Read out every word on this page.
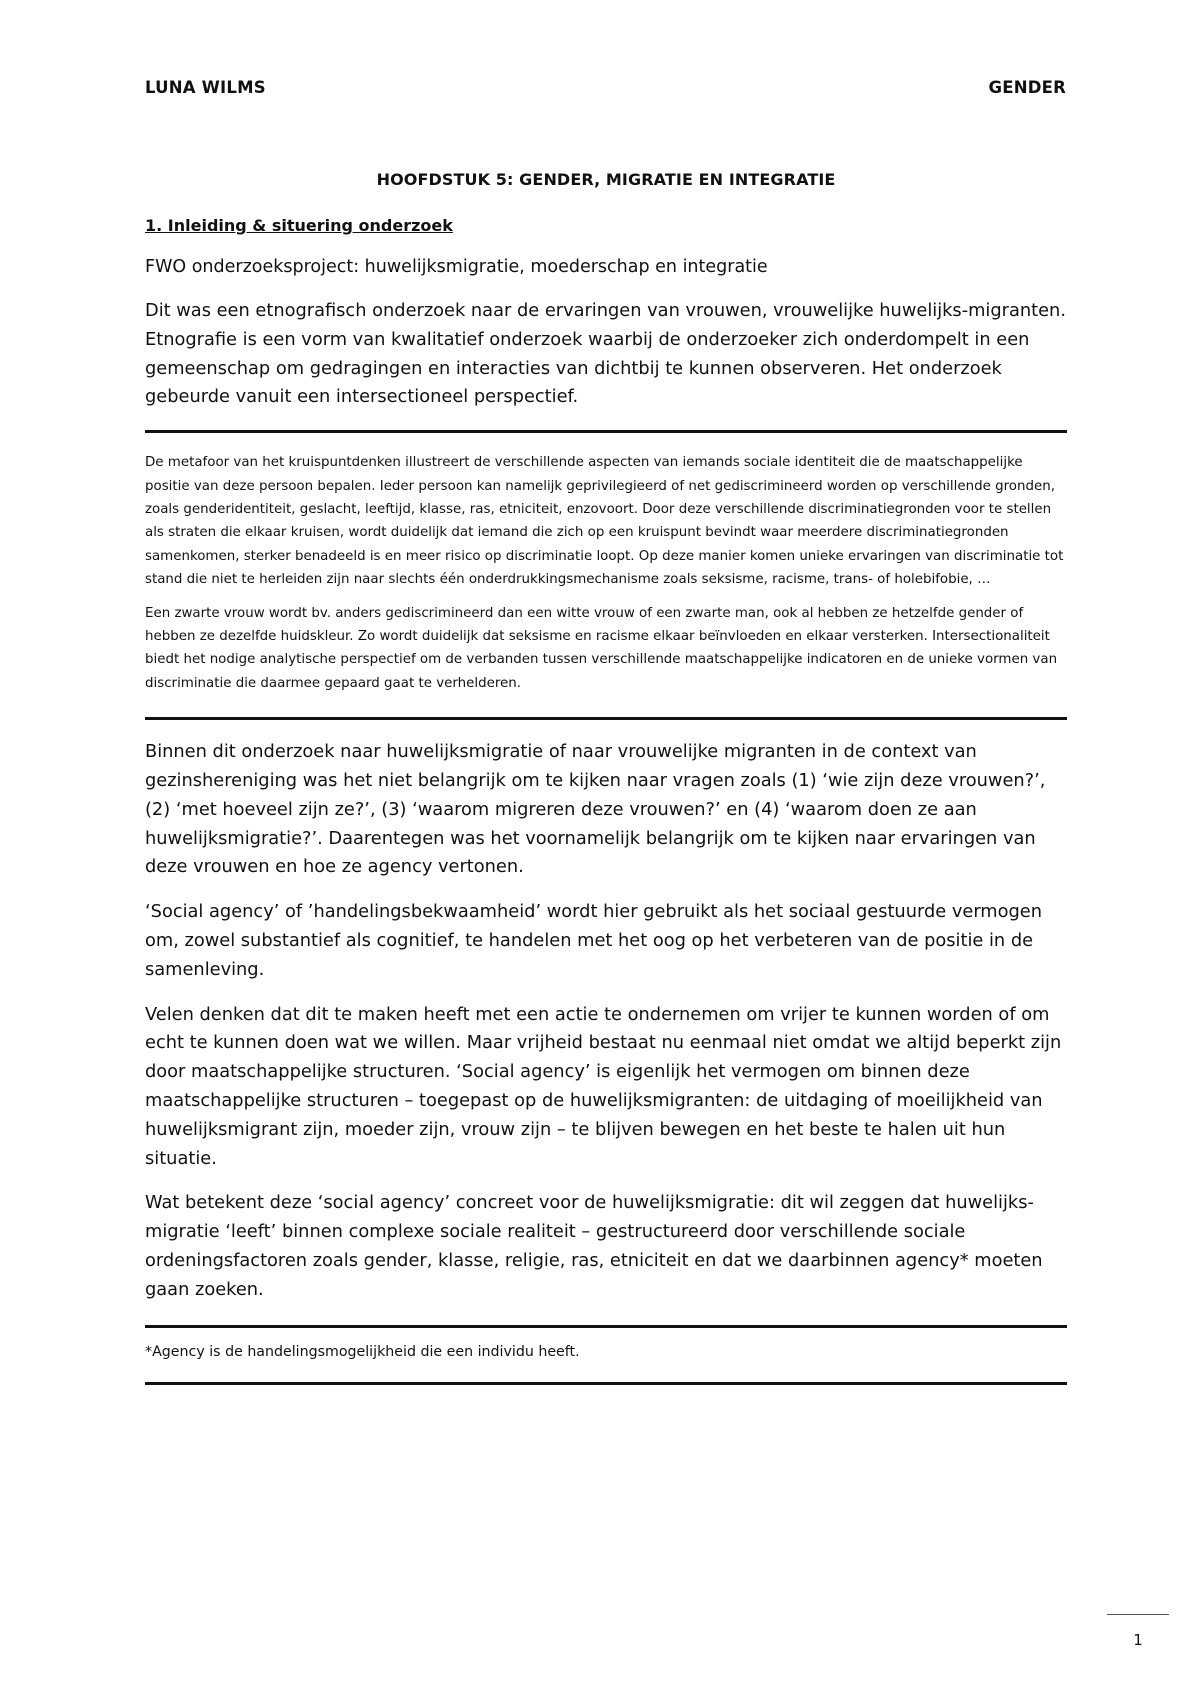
LUNA WILMS	GENDER
HOOFDSTUK 5: GENDER, MIGRATIE EN INTEGRATIE
1. Inleiding & situering onderzoek
FWO onderzoeksproject: huwelijksmigratie, moederschap en integratie

Dit was een etnografisch onderzoek naar de ervaringen van vrouwen, vrouwelijke huwelijks-migranten. Etnografie is een vorm van kwalitatief onderzoek waarbij de onderzoeker zich onderdompelt in een gemeenschap om gedragingen en interacties van dichtbij te kunnen observeren. Het onderzoek gebeurde vanuit een intersectioneel perspectief.

De metafoor van het kruispuntdenken illustreert de verschillende aspecten van iemands sociale identiteit die de maatschappelijke positie van deze persoon bepalen. Ieder persoon kan namelijk geprivilegieerd of net gediscrimineerd worden op verschillende gronden, zoals genderidentiteit, geslacht, leeftijd, klasse, ras, etniciteit, enzovoort. Door deze verschillende discriminatiegronden voor te stellen als straten die elkaar kruisen, wordt duidelijk dat iemand die zich op een kruispunt bevindt waar meerdere discriminatiegronden samenkomen, sterker benadeeld is en meer risico op discriminatie loopt. Op deze manier komen unieke ervaringen van discriminatie tot stand die niet te herleiden zijn naar slechts één onderdrukkingsmechanisme zoals seksisme, racisme, trans- of holebifobie, …

Een zwarte vrouw wordt bv. anders gediscrimineerd dan een witte vrouw of een zwarte man, ook al hebben ze hetzelfde gender of hebben ze dezelfde huidskleur. Zo wordt duidelijk dat seksisme en racisme elkaar beïnvloeden en elkaar versterken. Intersectionaliteit biedt het nodige analytische perspectief om de verbanden tussen verschillende maatschappelijke indicatoren en de unieke vormen van discriminatie die daarmee gepaard gaat te verhelderen.

Binnen dit onderzoek naar huwelijksmigratie of naar vrouwelijke migranten in de context van gezinshereniging was het niet belangrijk om te kijken naar vragen zoals (1) ‘wie zijn deze vrouwen?’, (2) ‘met hoeveel zijn ze?’, (3) ‘waarom migreren deze vrouwen?’ en (4) ‘waarom doen ze aan huwelijksmigratie?’. Daarentegen was het voornamelijk belangrijk om te kijken naar ervaringen van deze vrouwen en hoe ze agency vertonen.

‘Social agency’ of ’handelingsbekwaamheid’ wordt hier gebruikt als het sociaal gestuurde vermogen om, zowel substantief als cognitief, te handelen met het oog op het verbeteren van de positie in de samenleving.

Velen denken dat dit te maken heeft met een actie te ondernemen om vrijer te kunnen worden of om echt te kunnen doen wat we willen. Maar vrijheid bestaat nu eenmaal niet omdat we altijd beperkt zijn door maatschappelijke structuren. ‘Social agency’ is eigenlijk het vermogen om binnen deze maatschappelijke structuren – toegepast op de huwelijksmigranten: de uitdaging of moeilijkheid van huwelijksmigrant zijn, moeder zijn, vrouw zijn – te blijven bewegen en het beste te halen uit hun situatie.

Wat betekent deze ‘social agency’ concreet voor de huwelijksmigratie: dit wil zeggen dat huwelijks-migratie ‘leeft’ binnen complexe sociale realiteit – gestructureerd door verschillende sociale ordeningsfactoren zoals gender, klasse, religie, ras, etniciteit en dat we daarbinnen agency* moeten gaan zoeken.

*Agency is de handelingsmogelijkheid die een individu heeft.

1
